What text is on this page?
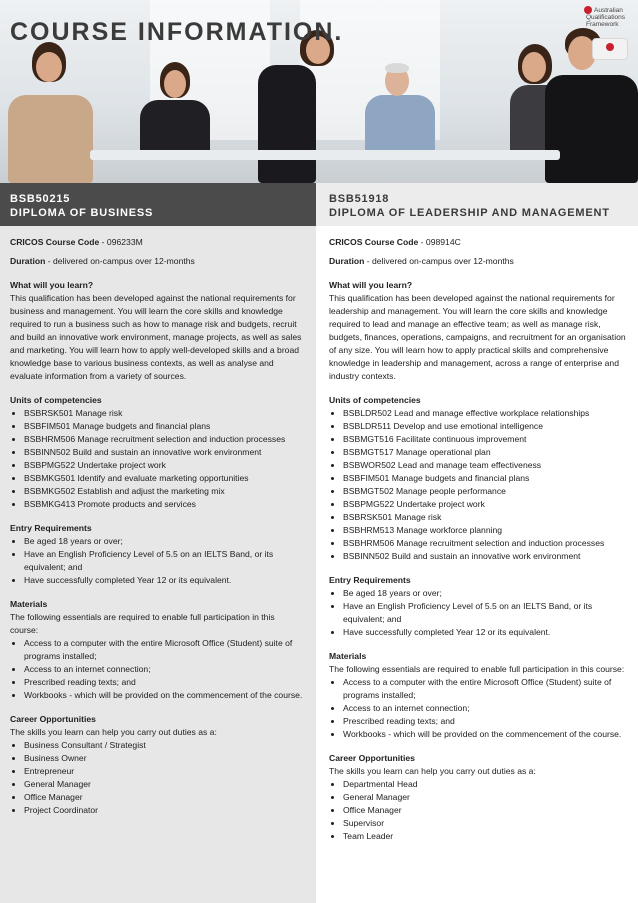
COURSE INFORMATION.
Australian
Qualifications
Framework
BSB50215
DIPLOMA OF BUSINESS
BSB51918
DIPLOMA OF LEADERSHIP AND MANAGEMENT
CRICOS Course Code - 096233M
Duration - delivered on-campus over 12-months

What will you learn?

This qualification has been developed against the national requirements for business and management. You will learn the core skills and knowledge required to run a business such as how to manage risk and budgets, recruit and build an innovative work environment, manage projects, as well as sales and marketing. You will learn how to apply well-developed skills and a broad knowledge base to various business contexts, as well as analyse and evaluate information from a variety of sources.

Units of competencies

• BSBRSK501 Manage risk
• BSBFIM501 Manage budgets and financial plans
• BSBHRM506 Manage recruitment selection and induction processes
• BSBINN502 Build and sustain an innovative work environment
• BSBPMG522 Undertake project work
• BSBMKG501 Identify and evaluate marketing opportunities
• BSBMKG502 Establish and adjust the marketing mix
• BSBMKG413 Promote products and services

Entry Requirements

• Be aged 18 years or over;
• Have an English Proficiency Level of 5.5 on an IELTS Band, or its equivalent; and
• Have successfully completed Year 12 or its equivalent.

Materials

The following essentials are required to enable full participation in this course:

• Access to a computer with the entire Microsoft Office (Student) suite of programs installed;
• Access to an internet connection;
• Prescribed reading texts; and
• Workbooks - which will be provided on the commencement of the course.

Career Opportunities

The skills you learn can help you carry out duties as a:

• Business Consultant / Strategist
• Business Owner
• Entrepreneur
• General Manager
• Office Manager
• Project Coordinator
CRICOS Course Code - 098914C
Duration - delivered on-campus over 12-months

What will you learn?

This qualification has been developed against the national requirements for leadership and management. You will learn the core skills and knowledge required to lead and manage an effective team; as well as manage risk, budgets, finances, operations, campaigns, and recruitment for an organisation of any size. You will learn how to apply practical skills and comprehensive knowledge in leadership and management, across a range of enterprise and industry contexts.

Units of competencies

• BSBLDR502 Lead and manage effective workplace relationships
• BSBLDR511 Develop and use emotional intelligence
• BSBMGT516 Facilitate continuous improvement
• BSBMGT517 Manage operational plan
• BSBWOR502 Lead and manage team effectiveness
• BSBFIM501 Manage budgets and financial plans
• BSBMGT502 Manage people performance
• BSBPMG522 Undertake project work
• BSBRSK501 Manage risk
• BSBHRM513 Manage workforce planning
• BSBHRM506 Manage recruitment selection and induction processes
• BSBINN502 Build and sustain an innovative work environment

Entry Requirements

• Be aged 18 years or over;
• Have an English Proficiency Level of 5.5 on an IELTS Band, or its equivalent; and
• Have successfully completed Year 12 or its equivalent.

Materials

The following essentials are required to enable full participation in this course:

• Access to a computer with the entire Microsoft Office (Student) suite of programs installed;
• Access to an internet connection;
• Prescribed reading texts; and
• Workbooks - which will be provided on the commencement of the course.

Career Opportunities

The skills you learn can help you carry out duties as a:

• Departmental Head
• General Manager
• Office Manager
• Supervisor
• Team Leader
